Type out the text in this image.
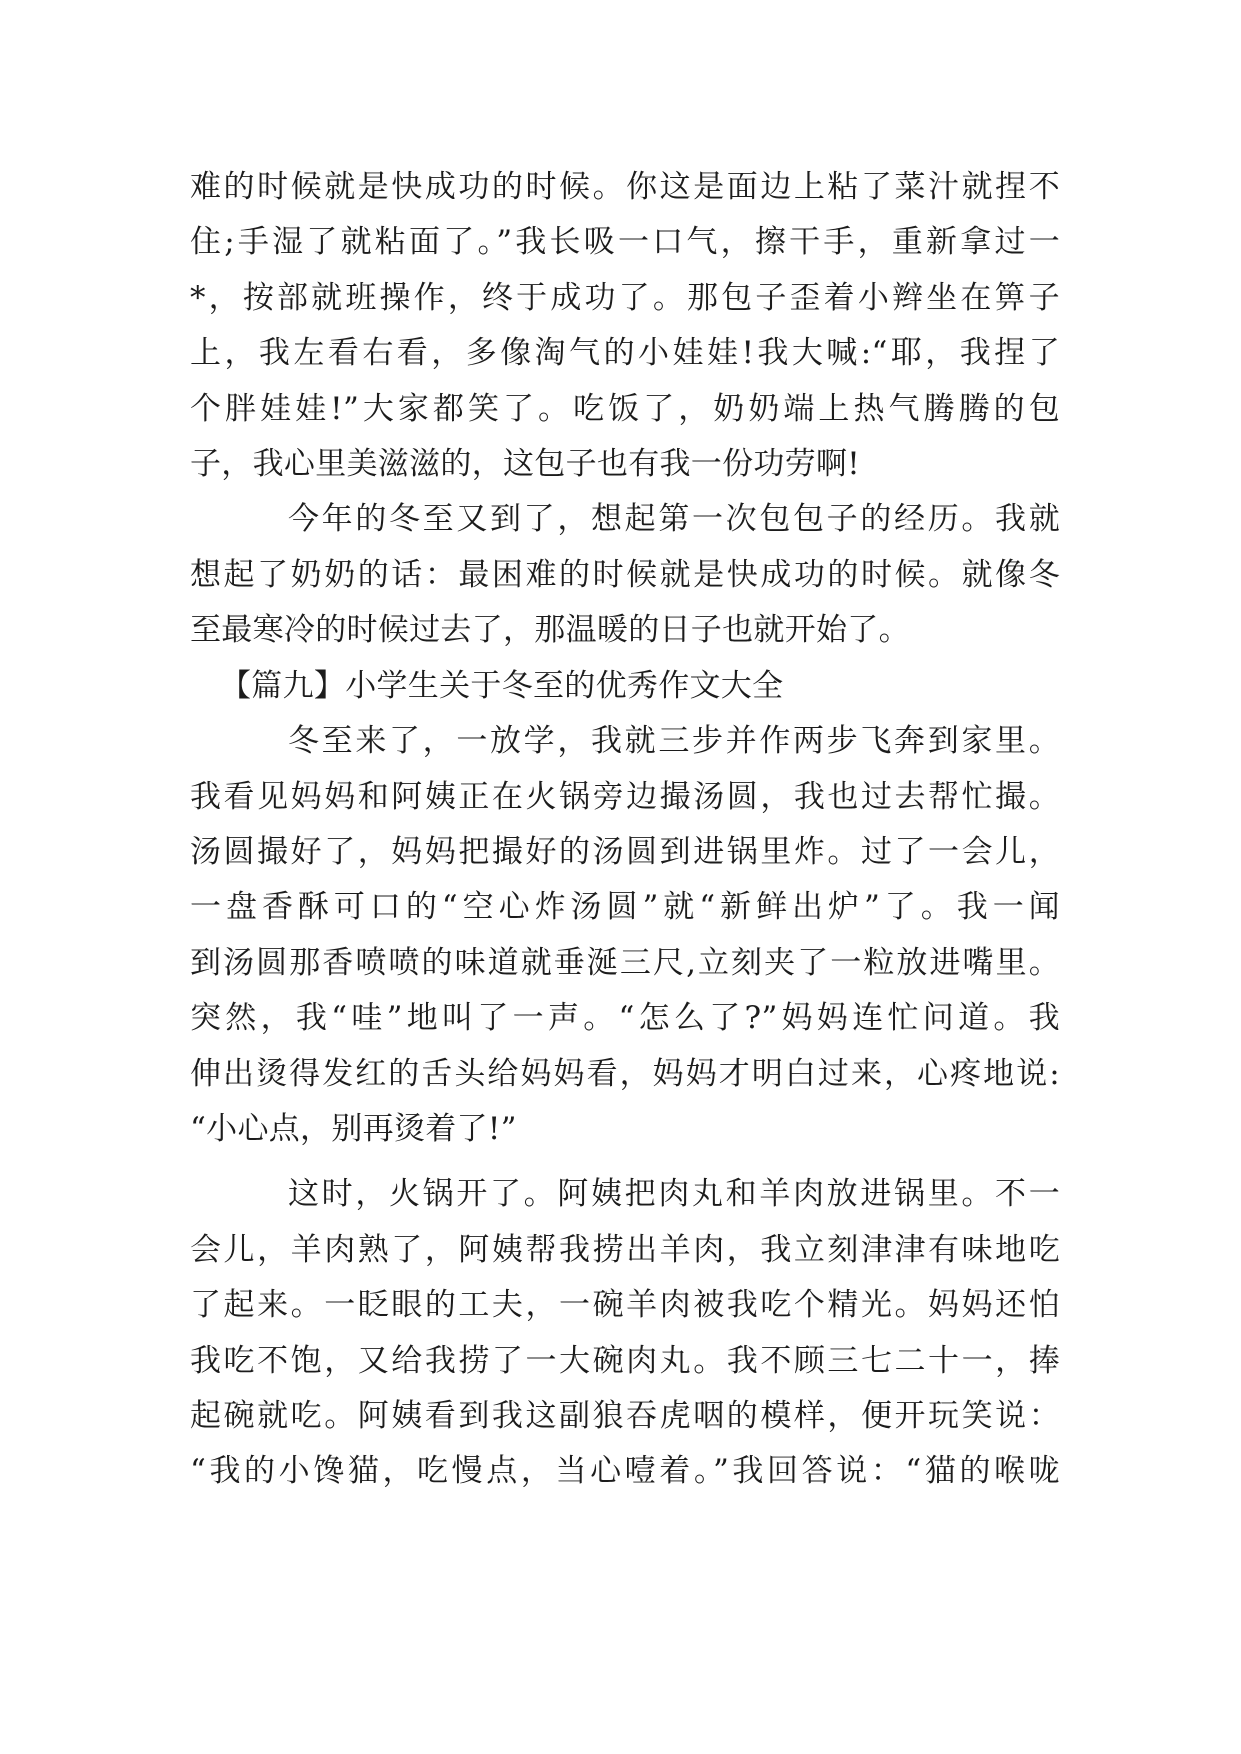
难的时候就是快成功的时候。你这是面边上粘了菜汁就捏不
住;手湿了就粘面了。”我长吸一口气，擦干手，重新拿过一
*，按部就班操作，终于成功了。那包子歪着小辫坐在箅子
上，我左看右看，多像淘气的小娃娃!我大喊:“耶，我捏了
个胖娃娃!”大家都笑了。吃饭了，奶奶端上热气腾腾的包
子，我心里美滋滋的，这包子也有我一份功劳啊!
今年的冬至又到了，想起第一次包包子的经历。我就
想起了奶奶的话：最困难的时候就是快成功的时候。就像冬
至最寒冷的时候过去了，那温暖的日子也就开始了。
【篇九】小学生关于冬至的优秀作文大全
冬至来了，一放学，我就三步并作两步飞奔到家里。
我看见妈妈和阿姨正在火锅旁边撮汤圆，我也过去帮忙撮。
汤圆撮好了，妈妈把撮好的汤圆到进锅里炸。过了一会儿，
一盘香酥可口的“空心炸汤圆”就“新鲜出炉”了。我一闻
到汤圆那香喷喷的味道就垂涎三尺,立刻夹了一粒放进嘴里。
突然，我“哇”地叫了一声。“怎么了?”妈妈连忙问道。我
伸出烫得发红的舌头给妈妈看，妈妈才明白过来，心疼地说:
“小心点，别再烫着了!”
这时，火锅开了。阿姨把肉丸和羊肉放进锅里。不一
会儿，羊肉熟了，阿姨帮我捞出羊肉，我立刻津津有味地吃
了起来。一眨眼的工夫，一碗羊肉被我吃个精光。妈妈还怕
我吃不饱，又给我捞了一大碗肉丸。我不顾三七二十一，捧
起碗就吃。阿姨看到我这副狼吞虎咽的模样，便开玩笑说：
“我的小馋猫，吃慢点，当心噎着。”我回答说：“猫的喉咙
